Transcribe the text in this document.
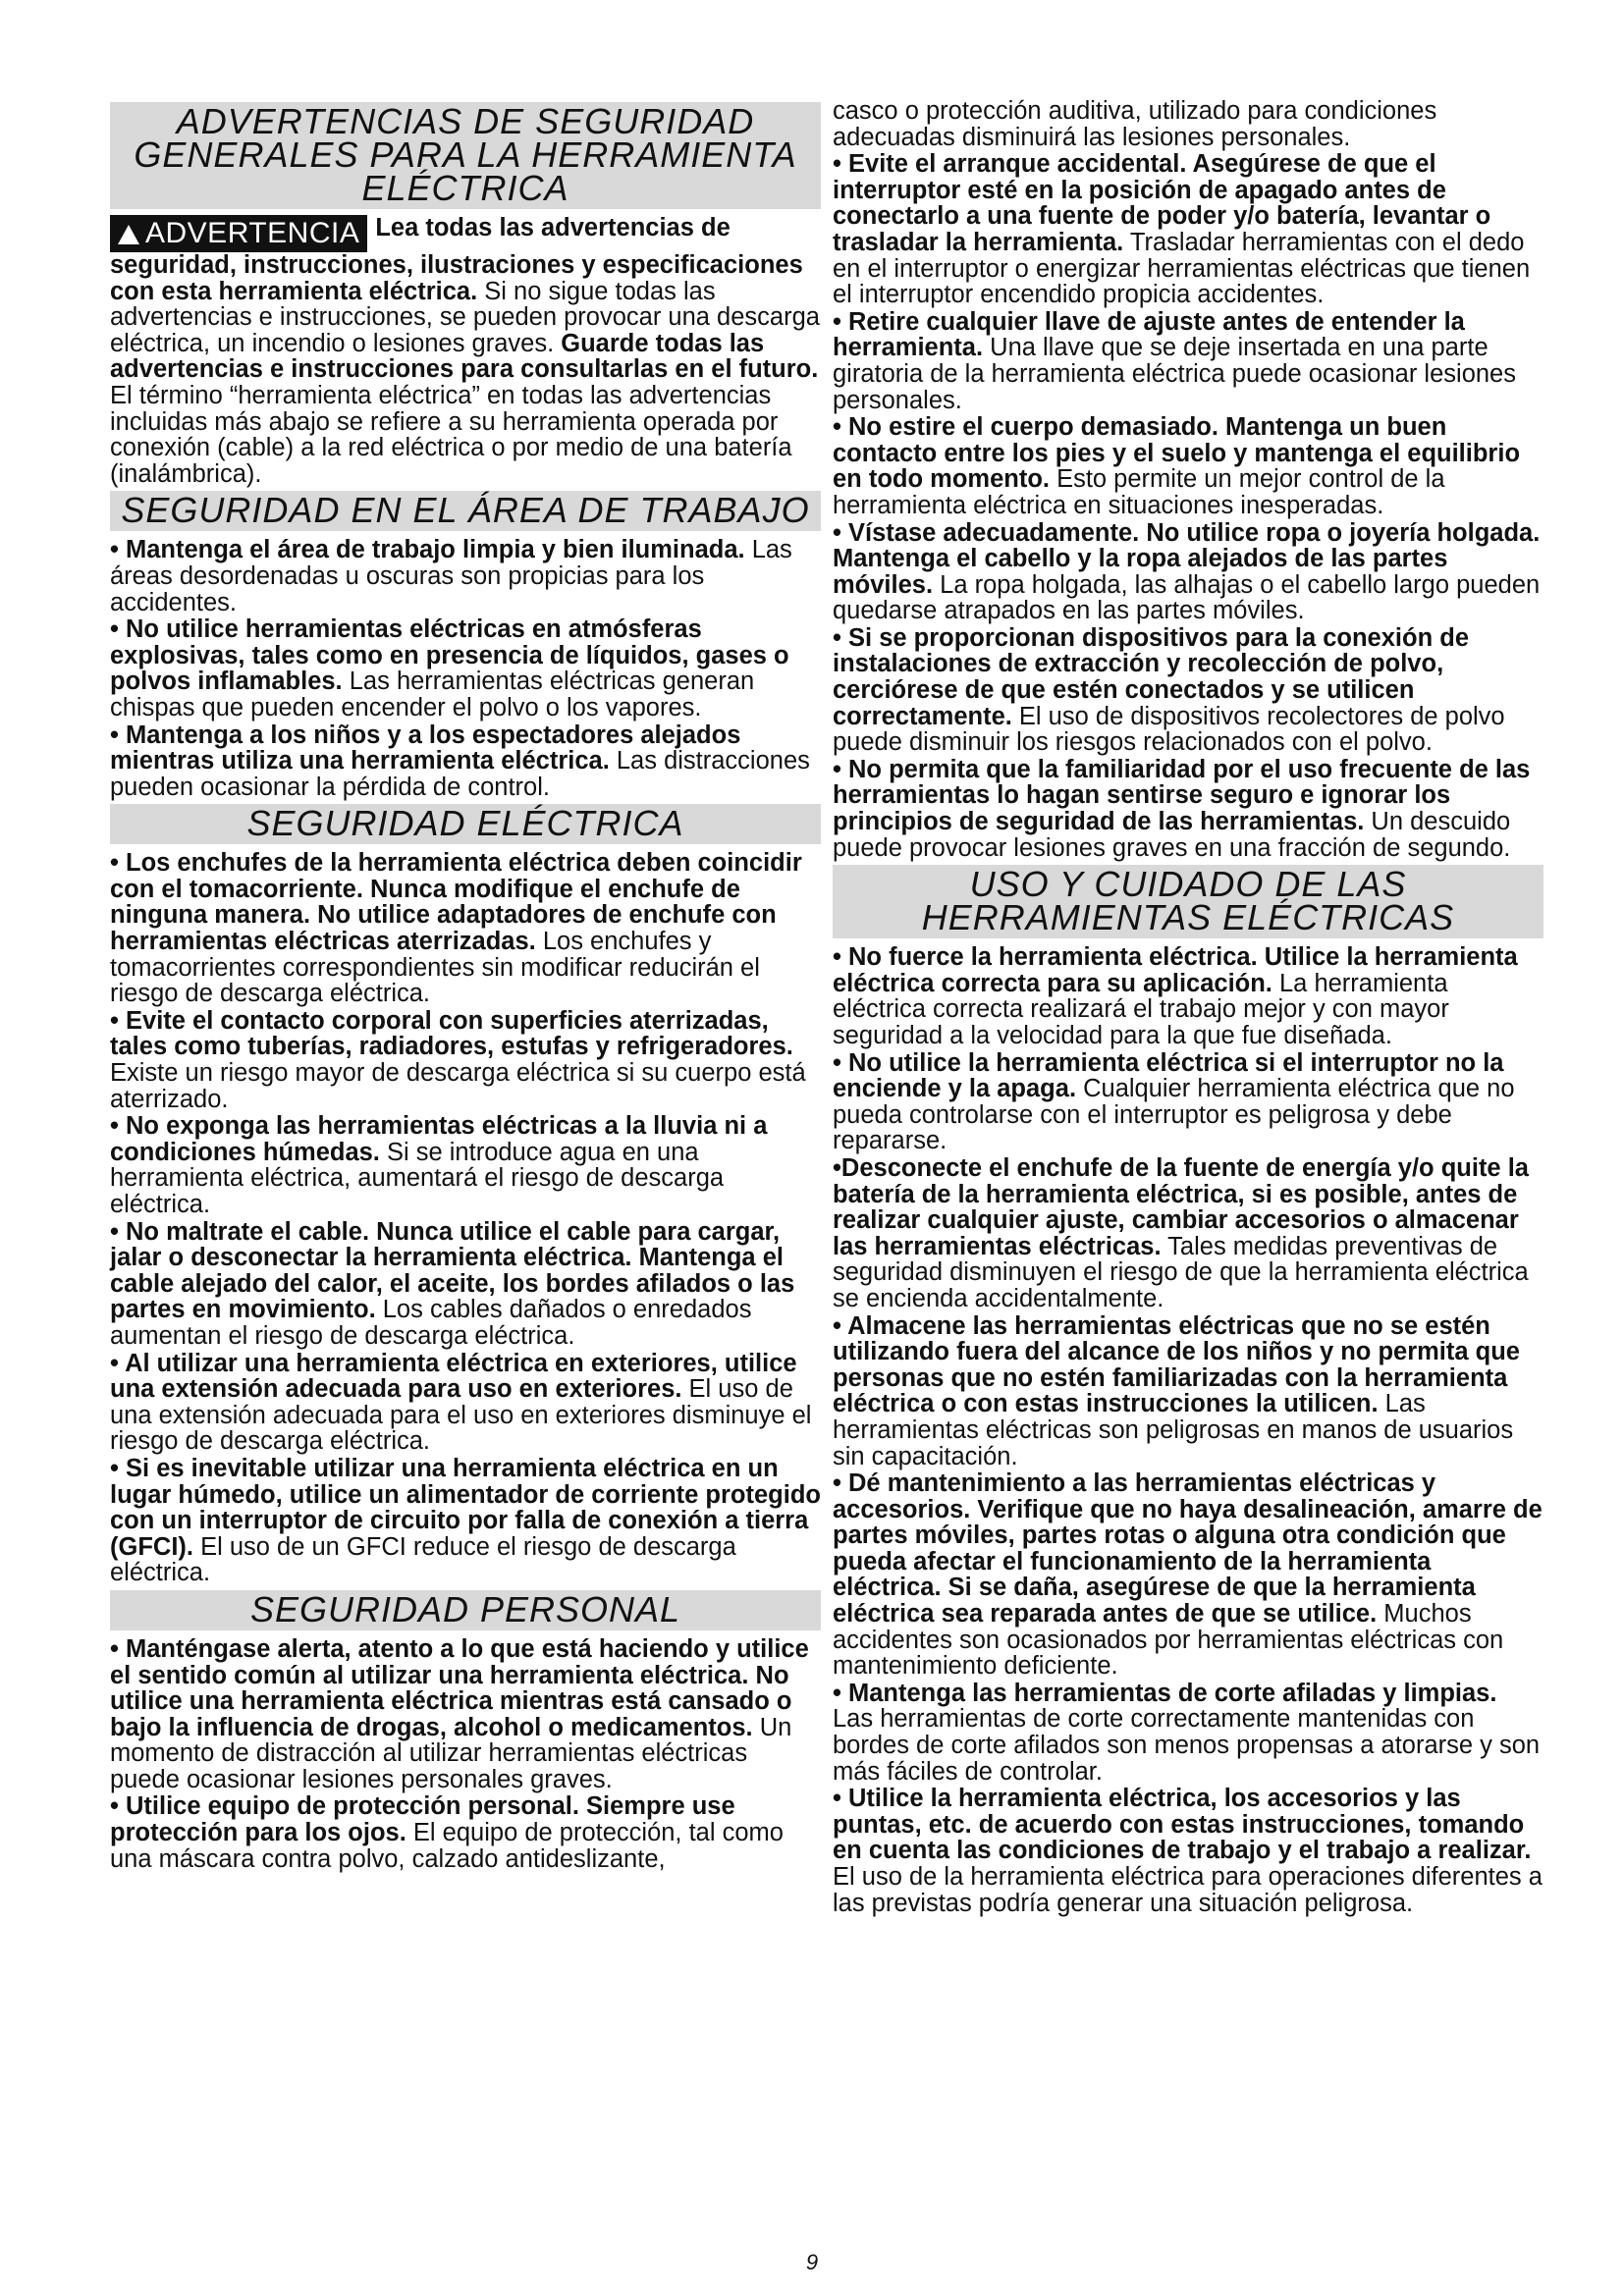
ADVERTENCIAS DE SEGURIDAD GENERALES PARA LA HERRAMIENTA ELÉCTRICA
ADVERTENCIA Lea todas las advertencias de seguridad, instrucciones, ilustraciones y especificaciones con esta herramienta eléctrica. Si no sigue todas las advertencias e instrucciones, se pueden provocar una descarga eléctrica, un incendio o lesiones graves. Guarde todas las advertencias e instrucciones para consultarlas en el futuro. El término “herramienta eléctrica” en todas las advertencias incluidas más abajo se refiere a su herramienta operada por conexión (cable) a la red eléctrica o por medio de una batería (inalámbrica).
SEGURIDAD EN EL ÁREA DE TRABAJO

• Mantenga el área de trabajo limpia y bien iluminada. Las áreas desordenadas u oscuras son propicias para los accidentes.

• No utilice herramientas eléctricas en atmósferas explosivas, tales como en presencia de líquidos, gases o polvos inflamables. Las herramientas eléctricas generan chispas que pueden encender el polvo o los vapores.

• Mantenga a los niños y a los espectadores alejados mientras utiliza una herramienta eléctrica. Las distracciones pueden ocasionar la pérdida de control.

SEGURIDAD ELÉCTRICA

• Los enchufes de la herramienta eléctrica deben coincidir con el tomacorriente. Nunca modifique el enchufe de ninguna manera. No utilice adaptadores de enchufe con herramientas eléctricas aterrizadas. Los enchufes y tomacorrientes correspondientes sin modificar reducirán el riesgo de descarga eléctrica.

• Evite el contacto corporal con superficies aterrizadas, tales como tuberías, radiadores, estufas y refrigeradores. Existe un riesgo mayor de descarga eléctrica si su cuerpo está aterrizado.

• No exponga las herramientas eléctricas a la lluvia ni a condiciones húmedas. Si se introduce agua en una herramienta eléctrica, aumentará el riesgo de descarga eléctrica.

• No maltrate el cable. Nunca utilice el cable para cargar, jalar o desconectar la herramienta eléctrica. Mantenga el cable alejado del calor, el aceite, los bordes afilados o las partes en movimiento. Los cables dañados o enredados aumentan el riesgo de descarga eléctrica.

• Al utilizar una herramienta eléctrica en exteriores, utilice una extensión adecuada para uso en exteriores. El uso de una extensión adecuada para el uso en exteriores disminuye el riesgo de descarga eléctrica.

• Si es inevitable utilizar una herramienta eléctrica en un lugar húmedo, utilice un alimentador de corriente protegido con un interruptor de circuito por falla de conexión a tierra (GFCI). El uso de un GFCI reduce el riesgo de descarga eléctrica.

SEGURIDAD PERSONAL

• Manténgase alerta, atento a lo que está haciendo y utilice el sentido común al utilizar una herramienta eléctrica. No utilice una herramienta eléctrica mientras está cansado o bajo la influencia de drogas, alcohol o medicamentos. Un momento de distracción al utilizar herramientas eléctricas puede ocasionar lesiones personales graves.

• Utilice equipo de protección personal. Siempre use protección para los ojos. El equipo de protección, tal como una máscara contra polvo, calzado antideslizante,

casco o protección auditiva, utilizado para condiciones adecuadas disminuirá las lesiones personales.

• Evite el arranque accidental. Asegúrese de que el interruptor esté en la posición de apagado antes de conectarlo a una fuente de poder y/o batería, levantar o trasladar la herramienta. Trasladar herramientas con el dedo en el interruptor o energizar herramientas eléctricas que tienen el interruptor encendido propicia accidentes.

• Retire cualquier llave de ajuste antes de entender la herramienta. Una llave que se deje insertada en una parte giratoria de la herramienta eléctrica puede ocasionar lesiones personales.

• No estire el cuerpo demasiado. Mantenga un buen contacto entre los pies y el suelo y mantenga el equilibrio en todo momento. Esto permite un mejor control de la herramienta eléctrica en situaciones inesperadas.

• Vístase adecuadamente. No utilice ropa o joyería holgada. Mantenga el cabello y la ropa alejados de las partes móviles. La ropa holgada, las alhajas o el cabello largo pueden quedarse atrapados en las partes móviles.

• Si se proporcionan dispositivos para la conexión de instalaciones de extracción y recolección de polvo, cerciórese de que estén conectados y se utilicen correctamente. El uso de dispositivos recolectores de polvo puede disminuir los riesgos relacionados con el polvo.

• No permita que la familiaridad por el uso frecuente de las herramientas lo hagan sentirse seguro e ignorar los principios de seguridad de las herramientas. Un descuido puede provocar lesiones graves en una fracción de segundo.

USO Y CUIDADO DE LAS HERRAMIENTAS ELÉCTRICAS

• No fuerce la herramienta eléctrica. Utilice la herramienta eléctrica correcta para su aplicación. La herramienta eléctrica correcta realizará el trabajo mejor y con mayor seguridad a la velocidad para la que fue diseñada.

• No utilice la herramienta eléctrica si el interruptor no la enciende y la apaga. Cualquier herramienta eléctrica que no pueda controlarse con el interruptor es peligrosa y debe repararse.

•Desconecte el enchufe de la fuente de energía y/o quite la batería de la herramienta eléctrica, si es posible, antes de realizar cualquier ajuste, cambiar accesorios o almacenar las herramientas eléctricas. Tales medidas preventivas de seguridad disminuyen el riesgo de que la herramienta eléctrica se encienda accidentalmente.

• Almacene las herramientas eléctricas que no se estén utilizando fuera del alcance de los niños y no permita que personas que no estén familiarizadas con la herramienta eléctrica o con estas instrucciones la utilicen. Las herramientas eléctricas son peligrosas en manos de usuarios sin capacitación.

• Dé mantenimiento a las herramientas eléctricas y accesorios. Verifique que no haya desalineación, amarre de partes móviles, partes rotas o alguna otra condición que pueda afectar el funcionamiento de la herramienta eléctrica. Si se daña, asegúrese de que la herramienta eléctrica sea reparada antes de que se utilice. Muchos accidentes son ocasionados por herramientas eléctricas con mantenimiento deficiente.

• Mantenga las herramientas de corte afiladas y limpias. Las herramientas de corte correctamente mantenidas con bordes de corte afilados son menos propensas a atorarse y son más fáciles de controlar.

• Utilice la herramienta eléctrica, los accesorios y las puntas, etc. de acuerdo con estas instrucciones, tomando en cuenta las condiciones de trabajo y el trabajo a realizar. El uso de la herramienta eléctrica para operaciones diferentes a las previstas podría generar una situación peligrosa.

9
